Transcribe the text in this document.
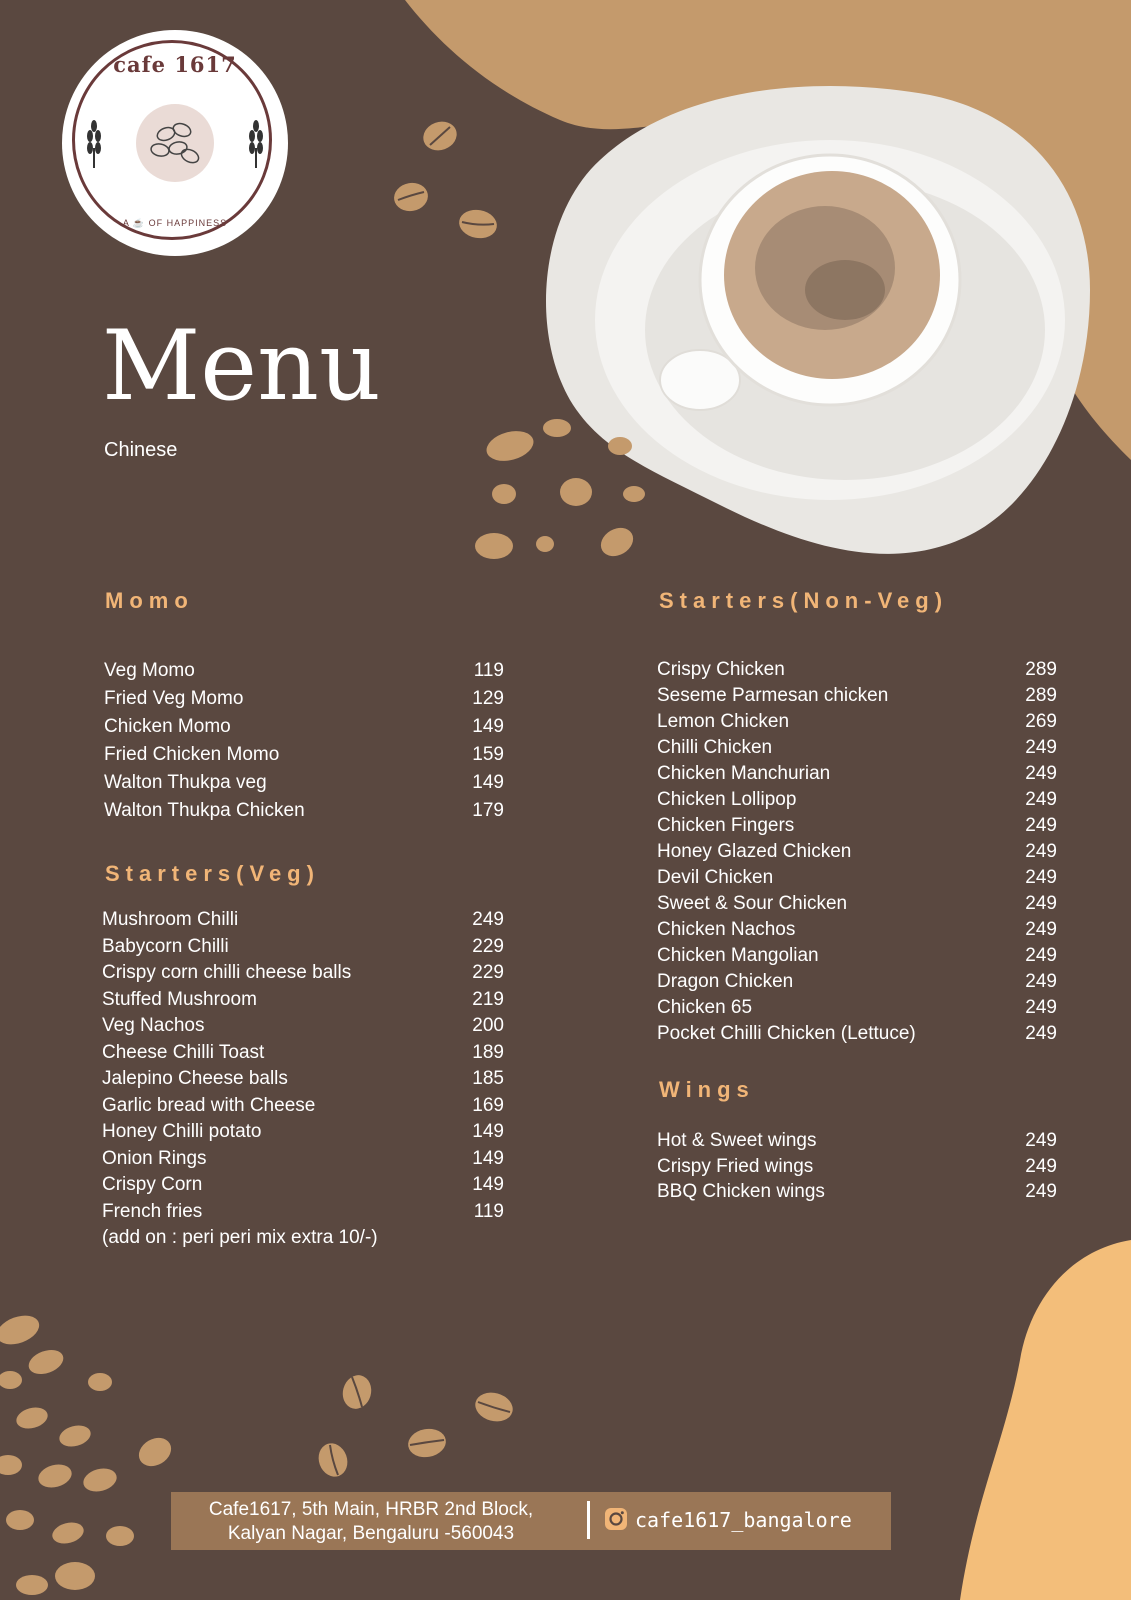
cafe 1617
A ☕ OF HAPPINESS
Menu
Chinese
Momo
Veg Momo	119
Fried Veg Momo	129
Chicken Momo	149
Fried Chicken Momo	159
Walton Thukpa veg	149
Walton Thukpa Chicken	179
Starters(Veg)
Mushroom Chilli	249
Babycorn Chilli	229
Crispy corn chilli cheese balls	229
Stuffed Mushroom	219
Veg Nachos	200
Cheese Chilli Toast	189
Jalepino Cheese balls	185
Garlic bread with Cheese	169
Honey Chilli potato	149
Onion Rings	149
Crispy Corn	149
French fries	119
(add on : peri peri mix extra 10/-)
Starters(Non-Veg)
Crispy Chicken	289
Seseme Parmesan chicken	289
Lemon Chicken	269
Chilli Chicken	249
Chicken Manchurian	249
Chicken Lollipop	249
Chicken Fingers	249
Honey Glazed Chicken	249
Devil Chicken	249
Sweet & Sour Chicken	249
Chicken Nachos	249
Chicken Mangolian	249
Dragon Chicken	249
Chicken 65	249
Pocket Chilli Chicken (Lettuce)	249
Wings
Hot & Sweet wings	249
Crispy Fried wings	249
BBQ Chicken wings	249
Cafe1617, 5th Main, HRBR 2nd Block,
Kalyan Nagar, Bengaluru -560043
cafe1617_bangalore
